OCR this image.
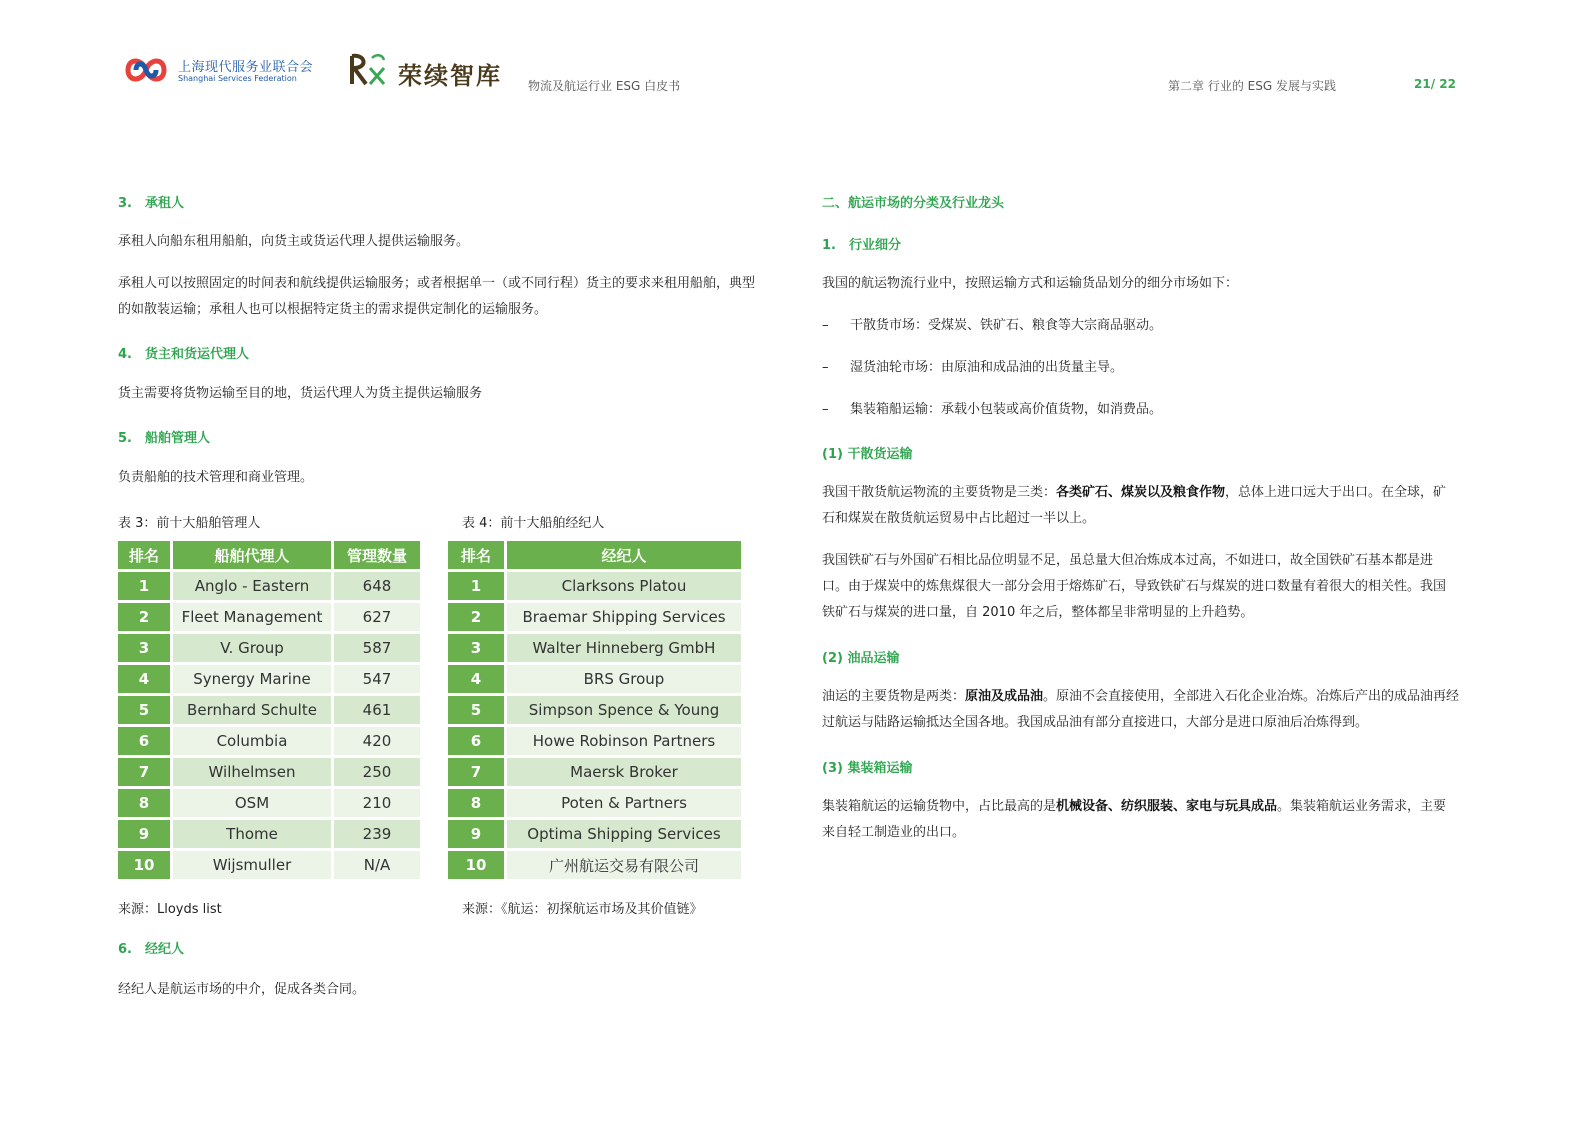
上海现代服务业联合会
Shanghai Services Federation	荣续智库 物流及航运行业 ESG 白皮书	第二章 行业的 ESG 发展与实践	21/ 22
3.　承租人
承租人向船东租用船舶，向货主或货运代理人提供运输服务。
承租人可以按照固定的时间表和航线提供运输服务；或者根据单一（或不同行程）货主的要求来租用船舶，典型的如散装运输；承租人也可以根据特定货主的需求提供定制化的运输服务。
4.　货主和货运代理人
货主需要将货物运输至目的地，货运代理人为货主提供运输服务
5.　船舶管理人
负责船舶的技术管理和商业管理。
表 3：前十大船舶管理人	表 4：前十大船舶经纪人
排名	船舶代理人	管理数量
1	Anglo - Eastern	648
2	Fleet Management	627
3	V. Group	587
4	Synergy Marine	547
5	Bernhard Schulte	461
6	Columbia	420
7	Wilhelmsen	250
8	OSM	210
9	Thome	239
10	Wijsmuller	N/A
排名	经纪人
1	Clarksons Platou
2	Braemar Shipping Services
3	Walter Hinneberg GmbH
4	BRS Group
5	Simpson Spence & Young
6	Howe Robinson Partners
7	Maersk Broker
8	Poten & Partners
9	Optima Shipping Services
10	广州航运交易有限公司
来源：Lloyds list	来源：《航运：初探航运市场及其价值链》
6.　经纪人
经纪人是航运市场的中介，促成各类合同。
二、航运市场的分类及行业龙头
1.　行业细分
我国的航运物流行业中，按照运输方式和运输货品划分的细分市场如下：
– 干散货市场：受煤炭、铁矿石、粮食等大宗商品驱动。
– 湿货油轮市场：由原油和成品油的出货量主导。
– 集装箱船运输：承载小包装或高价值货物，如消费品。
(1) 干散货运输
我国干散货航运物流的主要货物是三类：各类矿石、煤炭以及粮食作物，总体上进口远大于出口。在全球，矿石和煤炭在散货航运贸易中占比超过一半以上。
我国铁矿石与外国矿石相比品位明显不足，虽总量大但冶炼成本过高，不如进口，故全国铁矿石基本都是进口。由于煤炭中的炼焦煤很大一部分会用于熔炼矿石，导致铁矿石与煤炭的进口数量有着很大的相关性。我国铁矿石与煤炭的进口量，自 2010 年之后，整体都呈非常明显的上升趋势。
(2) 油品运输
油运的主要货物是两类：原油及成品油。原油不会直接使用，全部进入石化企业冶炼。冶炼后产出的成品油再经过航运与陆路运输抵达全国各地。我国成品油有部分直接进口，大部分是进口原油后冶炼得到。
(3) 集装箱运输
集装箱航运的运输货物中，占比最高的是机械设备、纺织服装、家电与玩具成品。集装箱航运业务需求，主要来自轻工制造业的出口。
